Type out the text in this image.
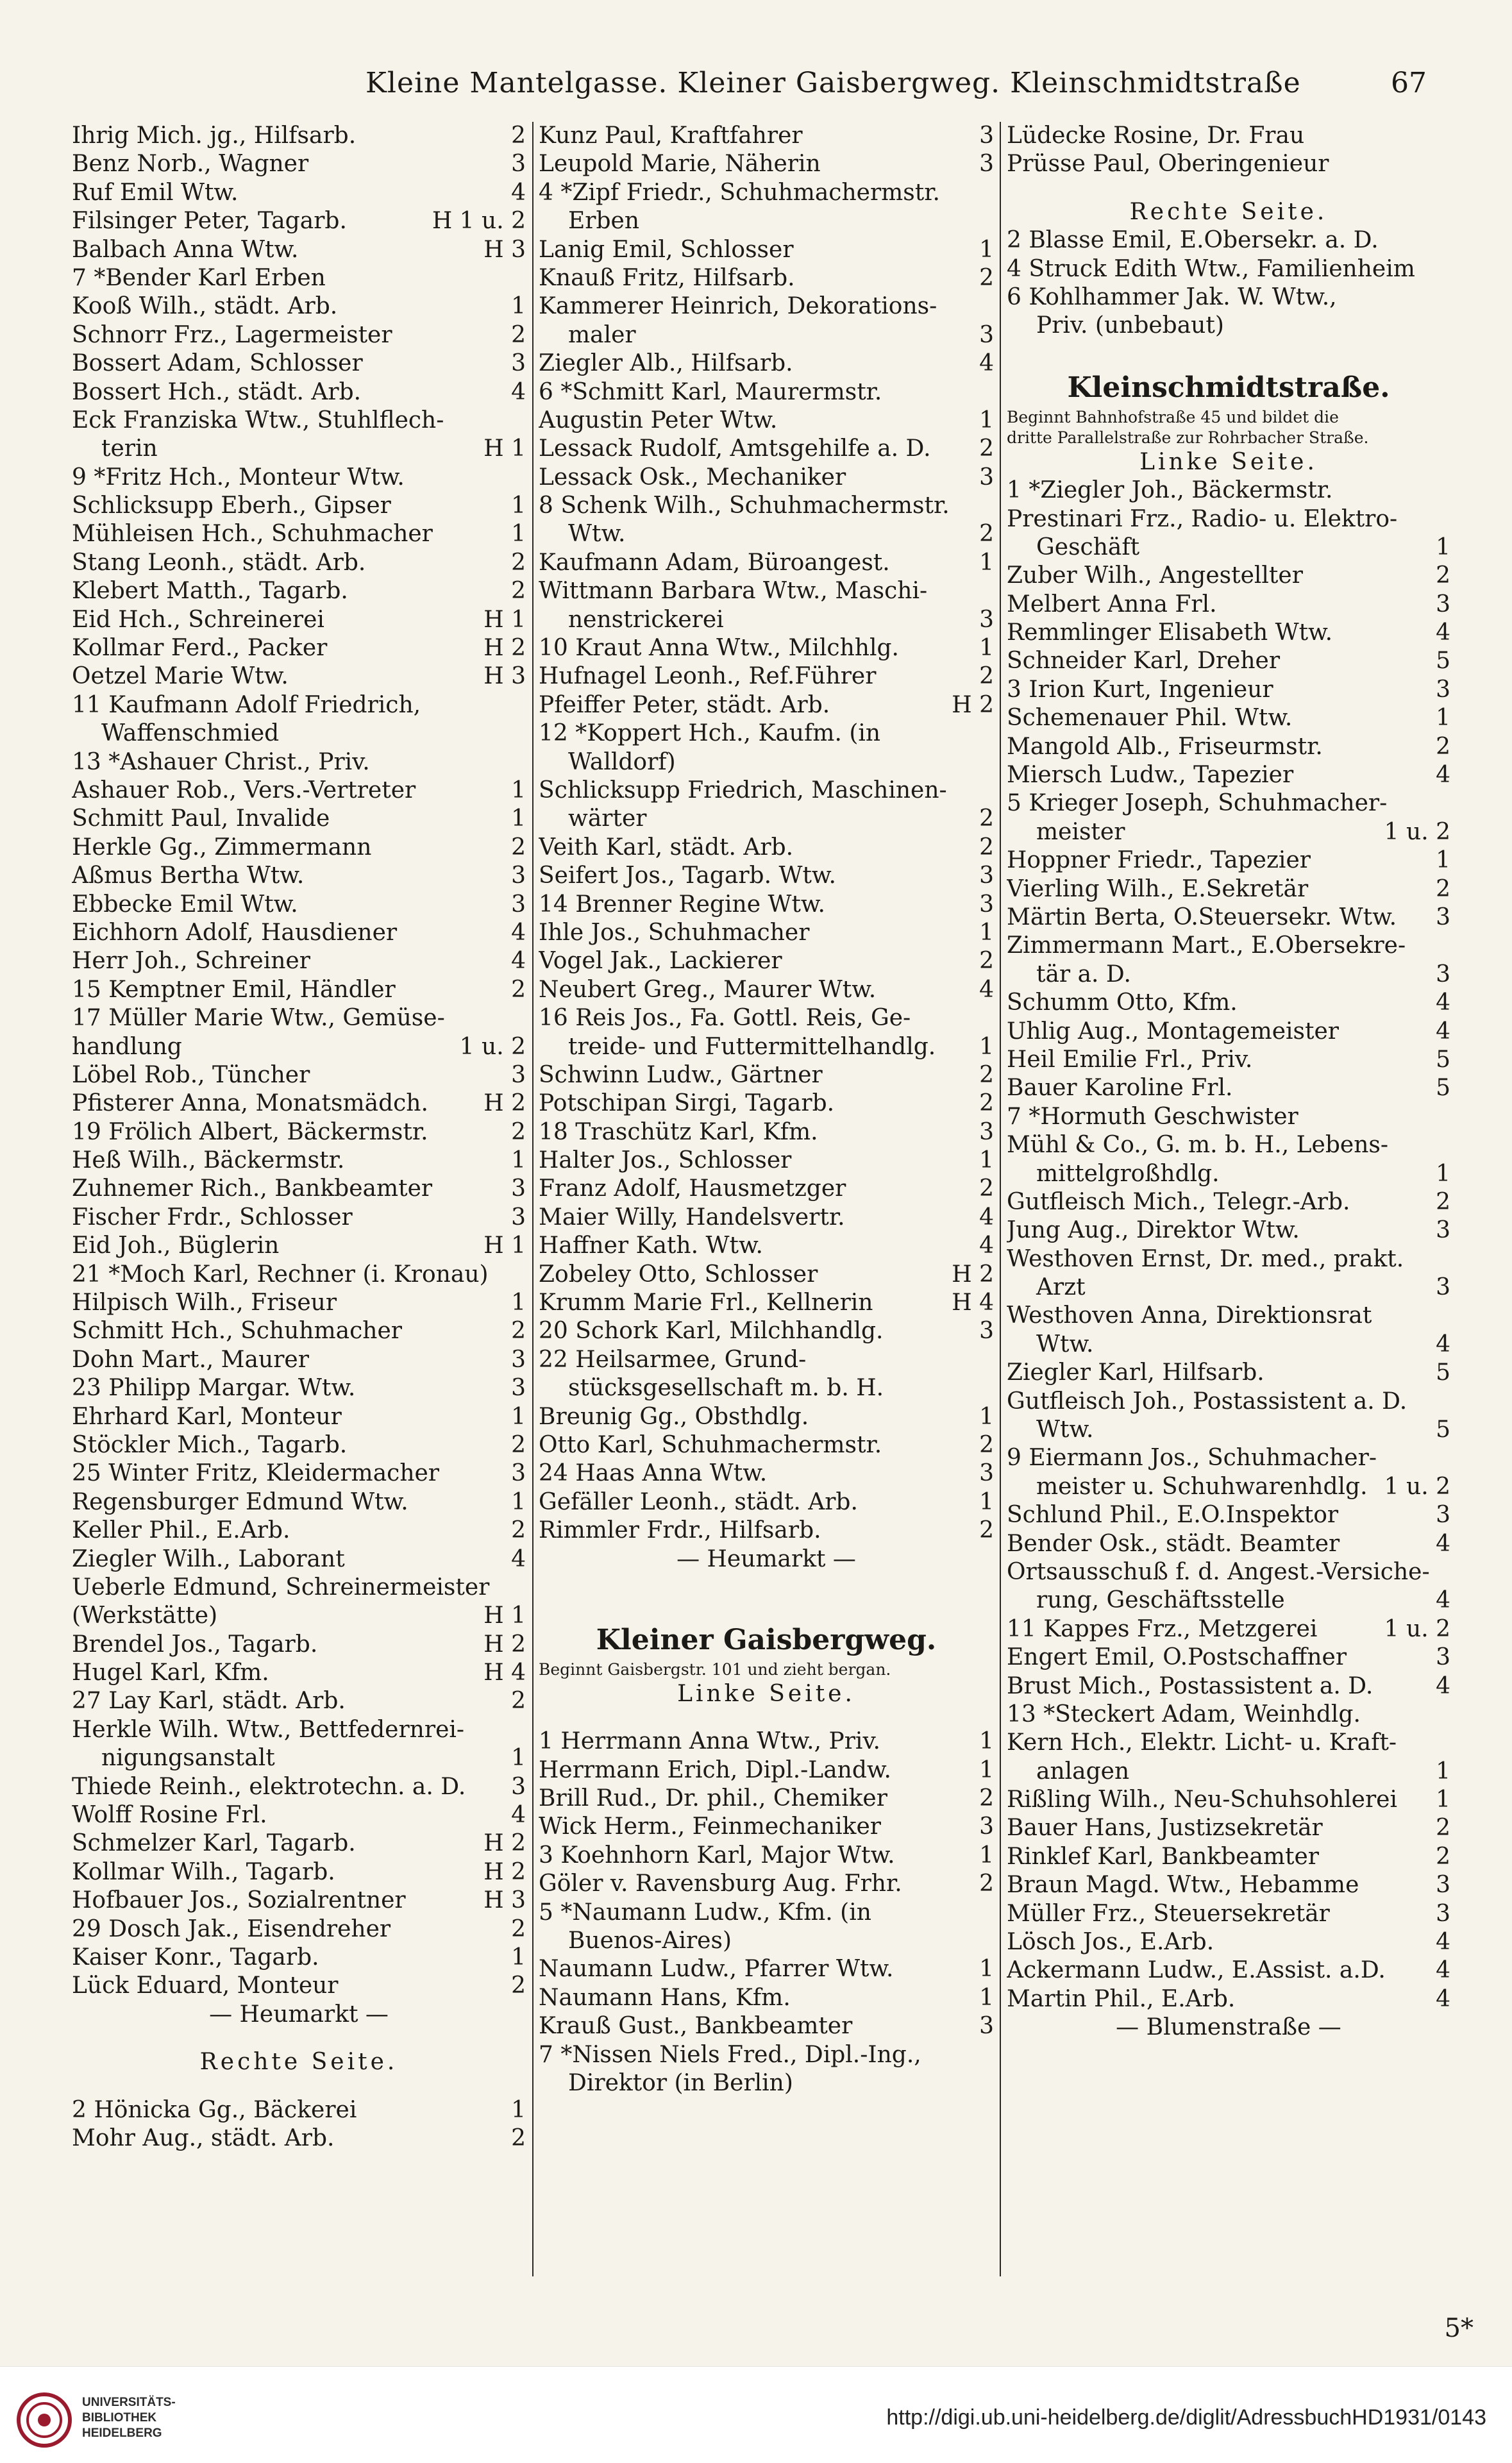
Kleine Mantelgasse. Kleiner Gaisbergweg. Kleinschmidtstraße	67
Ihrig Mich. jg., Hilfsarb.	2
Benz Norb., Wagner	3
Ruf Emil Wtw.	4
Filsinger Peter, Tagarb.	H 1 u. 2
Balbach Anna Wtw.	H 3
7 *Bender Karl Erben
Kooß Wilh., städt. Arb.	1
Schnorr Frz., Lagermeister	2
Bossert Adam, Schlosser	3
Bossert Hch., städt. Arb.	4
Eck Franziska Wtw., Stuhlflech-
terin	H 1
9 *Fritz Hch., Monteur Wtw.
Schlicksupp Eberh., Gipser	1
Mühleisen Hch., Schuhmacher	1
Stang Leonh., städt. Arb.	2
Klebert Matth., Tagarb.	2
Eid Hch., Schreinerei	H 1
Kollmar Ferd., Packer	H 2
Oetzel Marie Wtw.	H 3
11 Kaufmann Adolf Friedrich,
Waffenschmied
13 *Ashauer Christ., Priv.
Ashauer Rob., Vers.-Vertreter	1
Schmitt Paul, Invalide	1
Herkle Gg., Zimmermann	2
Aßmus Bertha Wtw.	3
Ebbecke Emil Wtw.	3
Eichhorn Adolf, Hausdiener	4
Herr Joh., Schreiner	4
15 Kemptner Emil, Händler	2
17 Müller Marie Wtw., Gemüse-
handlung	1 u. 2
Löbel Rob., Tüncher	3
Pfisterer Anna, Monatsmädch.	H 2
19 Frölich Albert, Bäckermstr.	2
Heß Wilh., Bäckermstr.	1
Zuhnemer Rich., Bankbeamter	3
Fischer Frdr., Schlosser	3
Eid Joh., Büglerin	H 1
21 *Moch Karl, Rechner (i. Kronau)
Hilpisch Wilh., Friseur	1
Schmitt Hch., Schuhmacher	2
Dohn Mart., Maurer	3
23 Philipp Margar. Wtw.	3
Ehrhard Karl, Monteur	1
Stöckler Mich., Tagarb.	2
25 Winter Fritz, Kleidermacher	3
Regensburger Edmund Wtw.	1
Keller Phil., E.Arb.	2
Ziegler Wilh., Laborant	4
Ueberle Edmund, Schreinermeister
(Werkstätte)	H 1
Brendel Jos., Tagarb.	H 2
Hugel Karl, Kfm.	H 4
27 Lay Karl, städt. Arb.	2
Herkle Wilh. Wtw., Bettfedernrei-
nigungsanstalt	1
Thiede Reinh., elektrotechn. a. D.	3
Wolff Rosine Frl.	4
Schmelzer Karl, Tagarb.	H 2
Kollmar Wilh., Tagarb.	H 2
Hofbauer Jos., Sozialrentner	H 3
29 Dosch Jak., Eisendreher	2
Kaiser Konr., Tagarb.	1
Lück Eduard, Monteur	2
— Heumarkt —
Rechte Seite.
2 Hönicka Gg., Bäckerei	1
Mohr Aug., städt. Arb.	2
Kunz Paul, Kraftfahrer	3
Leupold Marie, Näherin	3
4 *Zipf Friedr., Schuhmachermstr.
Erben
Lanig Emil, Schlosser	1
Knauß Fritz, Hilfsarb.	2
Kammerer Heinrich, Dekorations-
maler	3
Ziegler Alb., Hilfsarb.	4
6 *Schmitt Karl, Maurermstr.
Augustin Peter Wtw.	1
Lessack Rudolf, Amtsgehilfe a. D.	2
Lessack Osk., Mechaniker	3
8 Schenk Wilh., Schuhmachermstr.
Wtw.	2
Kaufmann Adam, Büroangest.	1
Wittmann Barbara Wtw., Maschi-
nenstrickerei	3
10 Kraut Anna Wtw., Milchhlg.	1
Hufnagel Leonh., Ref.Führer	2
Pfeiffer Peter, städt. Arb.	H 2
12 *Koppert Hch., Kaufm. (in
Walldorf)
Schlicksupp Friedrich, Maschinen-
wärter	2
Veith Karl, städt. Arb.	2
Seifert Jos., Tagarb. Wtw.	3
14 Brenner Regine Wtw.	3
Ihle Jos., Schuhmacher	1
Vogel Jak., Lackierer	2
Neubert Greg., Maurer Wtw.	4
16 Reis Jos., Fa. Gottl. Reis, Ge-
treide- und Futtermittelhandlg.	1
Schwinn Ludw., Gärtner	2
Potschipan Sirgi, Tagarb.	2
18 Traschütz Karl, Kfm.	3
Halter Jos., Schlosser	1
Franz Adolf, Hausmetzger	2
Maier Willy, Handelsvertr.	4
Haffner Kath. Wtw.	4
Zobeley Otto, Schlosser	H 2
Krumm Marie Frl., Kellnerin	H 4
20 Schork Karl, Milchhandlg.	3
22 Heilsarmee, Grund-
stücksgesellschaft m. b. H.
Breunig Gg., Obsthdlg.	1
Otto Karl, Schuhmachermstr.	2
24 Haas Anna Wtw.	3
Gefäller Leonh., städt. Arb.	1
Rimmler Frdr., Hilfsarb.	2
— Heumarkt —
Kleiner Gaisbergweg.
Beginnt Gaisbergstr. 101 und zieht bergan.
Linke Seite.
1 Herrmann Anna Wtw., Priv.	1
Herrmann Erich, Dipl.-Landw.	1
Brill Rud., Dr. phil., Chemiker	2
Wick Herm., Feinmechaniker	3
3 Koehnhorn Karl, Major Wtw.	1
Göler v. Ravensburg Aug. Frhr.	2
5 *Naumann Ludw., Kfm. (in
Buenos-Aires)
Naumann Ludw., Pfarrer Wtw.	1
Naumann Hans, Kfm.	1
Krauß Gust., Bankbeamter	3
7 *Nissen Niels Fred., Dipl.-Ing.,
Direktor (in Berlin)
Lüdecke Rosine, Dr. Frau
Prüsse Paul, Oberingenieur
Rechte Seite.
2 Blasse Emil, E.Obersekr. a. D.
4 Struck Edith Wtw., Familienheim
6 Kohlhammer Jak. W. Wtw.,
Priv. (unbebaut)
Kleinschmidtstraße.
Beginnt Bahnhofstraße 45 und bildet die
dritte Parallelstraße zur Rohrbacher Straße.
Linke Seite.
1 *Ziegler Joh., Bäckermstr.
Prestinari Frz., Radio- u. Elektro-
Geschäft	1
Zuber Wilh., Angestellter	2
Melbert Anna Frl.	3
Remmlinger Elisabeth Wtw.	4
Schneider Karl, Dreher	5
3 Irion Kurt, Ingenieur	3
Schemenauer Phil. Wtw.	1
Mangold Alb., Friseurmstr.	2
Miersch Ludw., Tapezier	4
5 Krieger Joseph, Schuhmacher-
meister	1 u. 2
Hoppner Friedr., Tapezier	1
Vierling Wilh., E.Sekretär	2
Märtin Berta, O.Steuersekr. Wtw.	3
Zimmermann Mart., E.Obersekre-
tär a. D.	3
Schumm Otto, Kfm.	4
Uhlig Aug., Montagemeister	4
Heil Emilie Frl., Priv.	5
Bauer Karoline Frl.	5
7 *Hormuth Geschwister
Mühl & Co., G. m. b. H., Lebens-
mittelgroßhdlg.	1
Gutfleisch Mich., Telegr.-Arb.	2
Jung Aug., Direktor Wtw.	3
Westhoven Ernst, Dr. med., prakt.
Arzt	3
Westhoven Anna, Direktionsrat
Wtw.	4
Ziegler Karl, Hilfsarb.	5
Gutfleisch Joh., Postassistent a. D.
Wtw.	5
9 Eiermann Jos., Schuhmacher-
meister u. Schuhwarenhdlg. 1 u. 2
Schlund Phil., E.O.Inspektor	3
Bender Osk., städt. Beamter	4
Ortsausschuß f. d. Angest.-Versiche-
rung, Geschäftsstelle	4
11 Kappes Frz., Metzgerei	1 u. 2
Engert Emil, O.Postschaffner	3
Brust Mich., Postassistent a. D.	4
13 *Steckert Adam, Weinhdlg.
Kern Hch., Elektr. Licht- u. Kraft-
anlagen	1
Rißling Wilh., Neu-Schuhsohlerei	1
Bauer Hans, Justizsekretär	2
Rinklef Karl, Bankbeamter	2
Braun Magd. Wtw., Hebamme	3
Müller Frz., Steuersekretär	3
Lösch Jos., E.Arb.	4
Ackermann Ludw., E.Assist. a.D.	4
Martin Phil., E.Arb.	4
— Blumenstraße —
5*
UNIVERSITÄTS-
BIBLIOTHEK
HEIDELBERG
http://digi.ub.uni-heidelberg.de/diglit/AdressbuchHD1931/0143
